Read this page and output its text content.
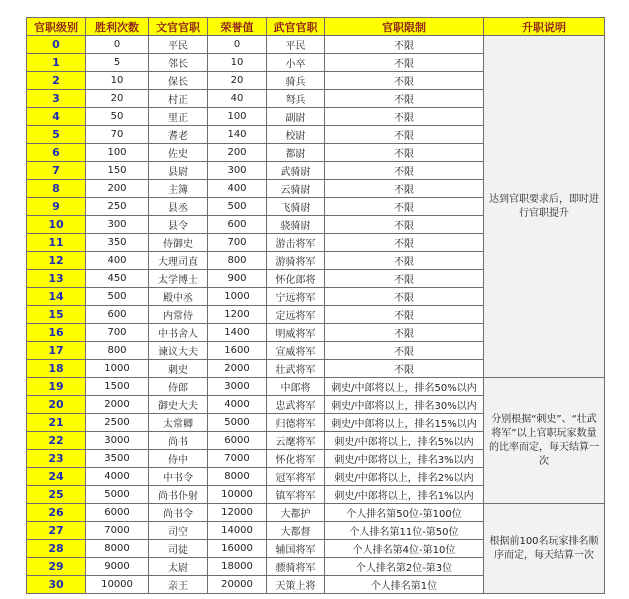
官职级别	胜利次数	文官官职	荣誉值	武官官职	官职限制	升职说明
0	0	平民	0	平民	不限	达到官职要求后，即时进行官职提升
1	5	邻长	10	小卒	不限	
2	10	保长	20	骑兵	不限	
3	20	村正	40	弩兵	不限	
4	50	里正	100	副尉	不限	
5	70	耆老	140	校尉	不限	
6	100	佐史	200	都尉	不限	
7	150	县尉	300	武骑尉	不限	
8	200	主簿	400	云骑尉	不限	
9	250	县丞	500	飞骑尉	不限	
10	300	县令	600	骁骑尉	不限	
11	350	侍御史	700	游击将军	不限	
12	400	大理司直	800	游骑将军	不限	
13	450	太学博士	900	怀化郎将	不限	
14	500	殿中丞	1000	宁远将军	不限	
15	600	内常侍	1200	定远将军	不限	
16	700	中书舍人	1400	明威将军	不限	
17	800	谏议大夫	1600	宣威将军	不限	
18	1000	刺史	2000	壮武将军	不限	
19	1500	侍郎	3000	中郎将	刺史/中郎将以上，排名50%以内	分别根据“刺史”、“壮武将军”以上官职玩家数量的比率而定，每天结算一次
20	2000	御史大夫	4000	忠武将军	刺史/中郎将以上，排名30%以内	
21	2500	太常卿	5000	归德将军	刺史/中郎将以上，排名15%以内	
22	3000	尚书	6000	云麾将军	刺史/中郎将以上，排名5%以内	
23	3500	侍中	7000	怀化将军	刺史/中郎将以上，排名3%以内	
24	4000	中书令	8000	冠军将军	刺史/中郎将以上，排名2%以内	
25	5000	尚书仆射	10000	镇军将军	刺史/中郎将以上，排名1%以内	
26	6000	尚书令	12000	大都护	个人排名第50位-第100位	根据前100名玩家排名顺序而定，每天结算一次
27	7000	司空	14000	大都督	个人排名第11位-第50位	
28	8000	司徒	16000	辅国将军	个人排名第4位-第10位	
29	9000	太尉	18000	骠骑将军	个人排名第2位-第3位	
30	10000	亲王	20000	天策上将	个人排名第1位	
